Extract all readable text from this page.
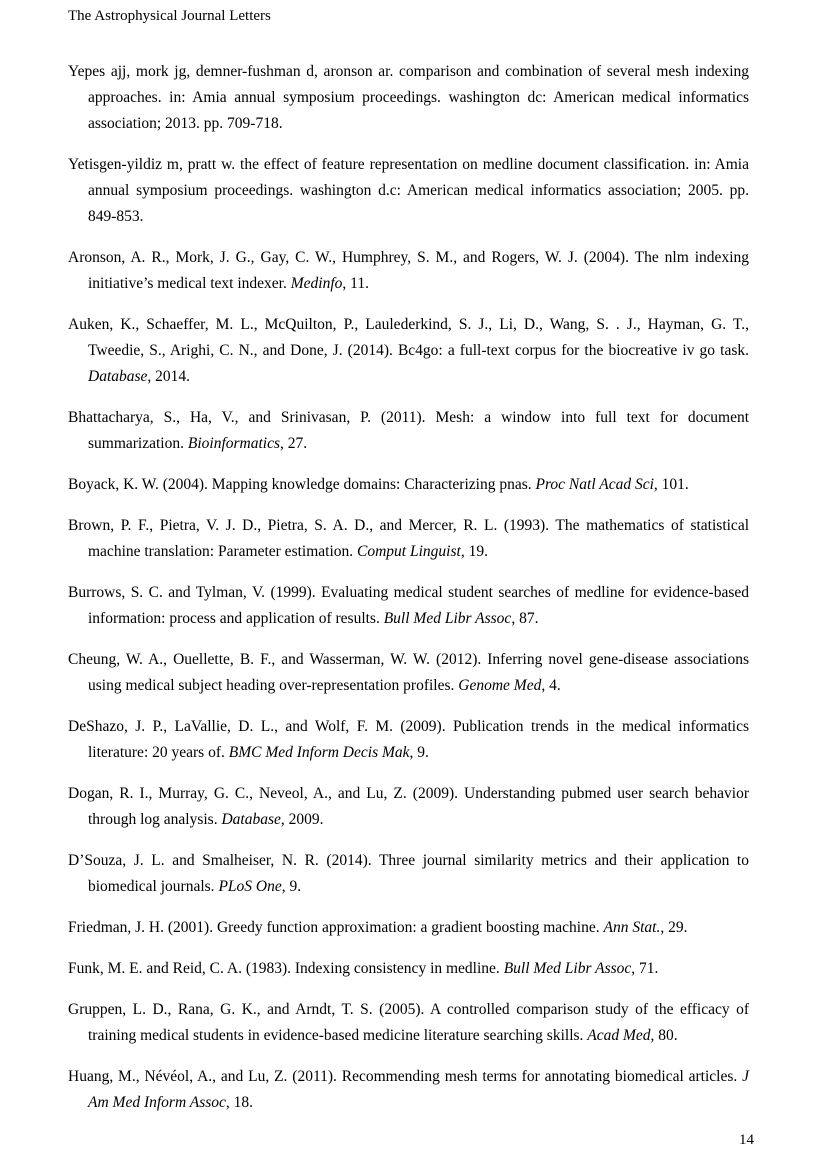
The Astrophysical Journal Letters

Yepes ajj, mork jg, demner-fushman d, aronson ar. comparison and combination of several mesh indexing approaches. in: Amia annual symposium proceedings. washington dc: American medical informatics association; 2013. pp. 709-718.

Yetisgen-yildiz m, pratt w. the effect of feature representation on medline document classification. in: Amia annual symposium proceedings. washington d.c: American medical informatics association; 2005. pp. 849-853.

Aronson, A. R., Mork, J. G., Gay, C. W., Humphrey, S. M., and Rogers, W. J. (2004). The nlm indexing initiative’s medical text indexer. Medinfo, 11.

Auken, K., Schaeffer, M. L., McQuilton, P., Laulederkind, S. J., Li, D., Wang, S. . J., Hayman, G. T., Tweedie, S., Arighi, C. N., and Done, J. (2014). Bc4go: a full-text corpus for the biocreative iv go task. Database, 2014.

Bhattacharya, S., Ha, V., and Srinivasan, P. (2011). Mesh: a window into full text for document summarization. Bioinformatics, 27.

Boyack, K. W. (2004). Mapping knowledge domains: Characterizing pnas. Proc Natl Acad Sci, 101.

Brown, P. F., Pietra, V. J. D., Pietra, S. A. D., and Mercer, R. L. (1993). The mathematics of statistical machine translation: Parameter estimation. Comput Linguist, 19.

Burrows, S. C. and Tylman, V. (1999). Evaluating medical student searches of medline for evidence-based information: process and application of results. Bull Med Libr Assoc, 87.

Cheung, W. A., Ouellette, B. F., and Wasserman, W. W. (2012). Inferring novel gene-disease associations using medical subject heading over-representation profiles. Genome Med, 4.

DeShazo, J. P., LaVallie, D. L., and Wolf, F. M. (2009). Publication trends in the medical informatics literature: 20 years of. BMC Med Inform Decis Mak, 9.

Dogan, R. I., Murray, G. C., Neveol, A., and Lu, Z. (2009). Understanding pubmed user search behavior through log analysis. Database, 2009.

D’Souza, J. L. and Smalheiser, N. R. (2014). Three journal similarity metrics and their application to biomedical journals. PLoS One, 9.

Friedman, J. H. (2001). Greedy function approximation: a gradient boosting machine. Ann Stat., 29.

Funk, M. E. and Reid, C. A. (1983). Indexing consistency in medline. Bull Med Libr Assoc, 71.

Gruppen, L. D., Rana, G. K., and Arndt, T. S. (2005). A controlled comparison study of the efficacy of training medical students in evidence-based medicine literature searching skills. Acad Med, 80.

Huang, M., Névéol, A., and Lu, Z. (2011). Recommending mesh terms for annotating biomedical articles. J Am Med Inform Assoc, 18.

14
